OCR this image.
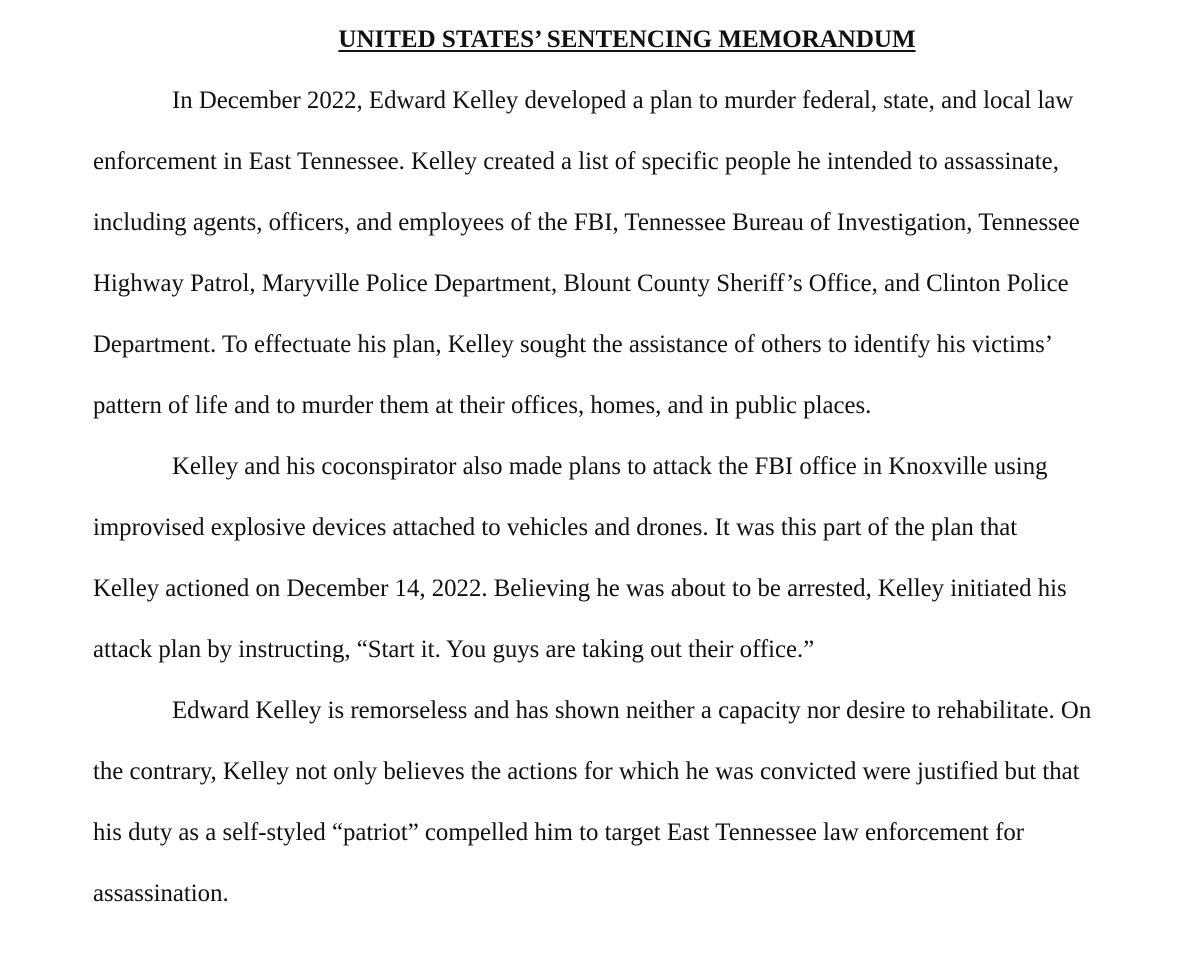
UNITED STATES’ SENTENCING MEMORANDUM
In December 2022, Edward Kelley developed a plan to murder federal, state, and local law
enforcement in East Tennessee. Kelley created a list of specific people he intended to assassinate,
including agents, officers, and employees of the FBI, Tennessee Bureau of Investigation, Tennessee
Highway Patrol, Maryville Police Department, Blount County Sheriff’s Office, and Clinton Police
Department. To effectuate his plan, Kelley sought the assistance of others to identify his victims’
pattern of life and to murder them at their offices, homes, and in public places.
Kelley and his coconspirator also made plans to attack the FBI office in Knoxville using
improvised explosive devices attached to vehicles and drones. It was this part of the plan that
Kelley actioned on December 14, 2022. Believing he was about to be arrested, Kelley initiated his
attack plan by instructing, “Start it. You guys are taking out their office.”
Edward Kelley is remorseless and has shown neither a capacity nor desire to rehabilitate. On
the contrary, Kelley not only believes the actions for which he was convicted were justified but that
his duty as a self-styled “patriot” compelled him to target East Tennessee law enforcement for
assassination.
